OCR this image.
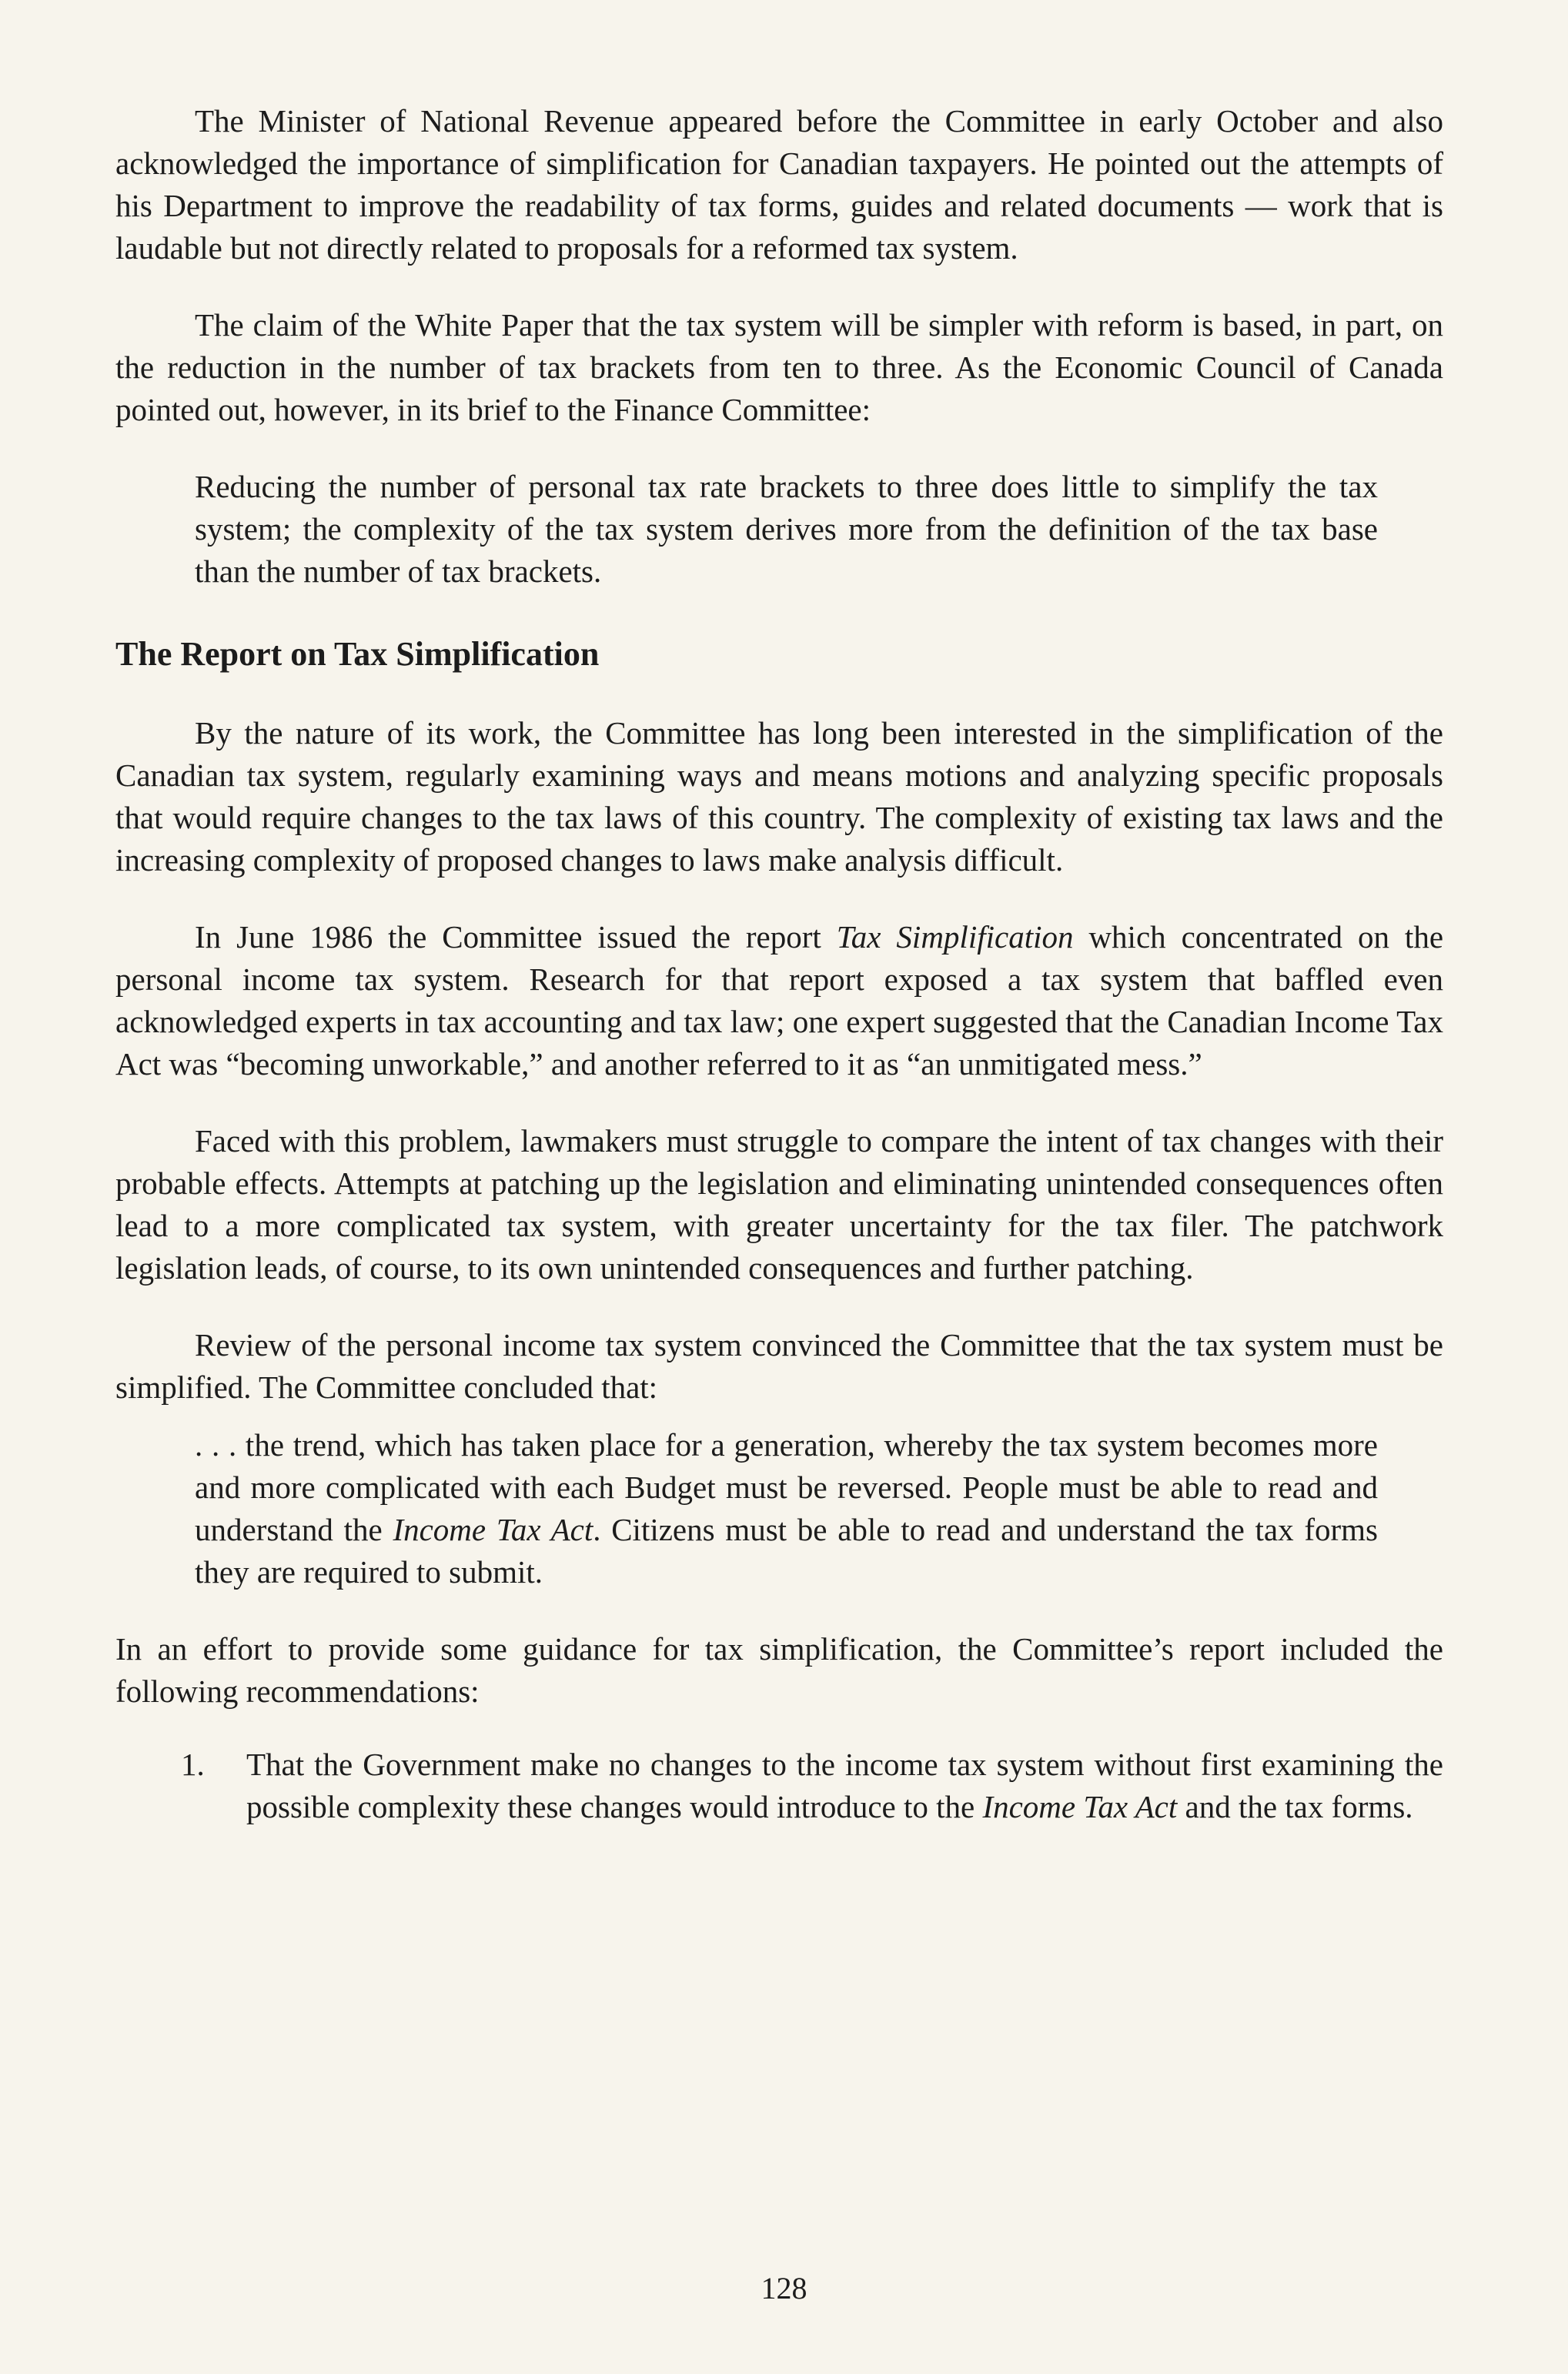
The Minister of National Revenue appeared before the Committee in early October and also acknowledged the importance of simplification for Canadian taxpayers. He pointed out the attempts of his Department to improve the readability of tax forms, guides and related documents — work that is laudable but not directly related to proposals for a reformed tax system.

The claim of the White Paper that the tax system will be simpler with reform is based, in part, on the reduction in the number of tax brackets from ten to three. As the Economic Council of Canada pointed out, however, in its brief to the Finance Committee:

Reducing the number of personal tax rate brackets to three does little to simplify the tax system; the complexity of the tax system derives more from the definition of the tax base than the number of tax brackets.

The Report on Tax Simplification

By the nature of its work, the Committee has long been interested in the simplification of the Canadian tax system, regularly examining ways and means motions and analyzing specific proposals that would require changes to the tax laws of this country. The complexity of existing tax laws and the increasing complexity of proposed changes to laws make analysis difficult.

In June 1986 the Committee issued the report Tax Simplification which concentrated on the personal income tax system. Research for that report exposed a tax system that baffled even acknowledged experts in tax accounting and tax law; one expert suggested that the Canadian Income Tax Act was “becoming unworkable,” and another referred to it as “an unmitigated mess.”

Faced with this problem, lawmakers must struggle to compare the intent of tax changes with their probable effects. Attempts at patching up the legislation and eliminating unintended consequences often lead to a more complicated tax system, with greater uncertainty for the tax filer. The patchwork legislation leads, of course, to its own unintended consequences and further patching.

Review of the personal income tax system convinced the Committee that the tax system must be simplified. The Committee concluded that:

. . . the trend, which has taken place for a generation, whereby the tax system becomes more and more complicated with each Budget must be reversed. People must be able to read and understand the Income Tax Act. Citizens must be able to read and understand the tax forms they are required to submit.

In an effort to provide some guidance for tax simplification, the Committee’s report included the following recommendations:

1.	That the Government make no changes to the income tax system without first examining the possible complexity these changes would introduce to the Income Tax Act and the tax forms.

128
